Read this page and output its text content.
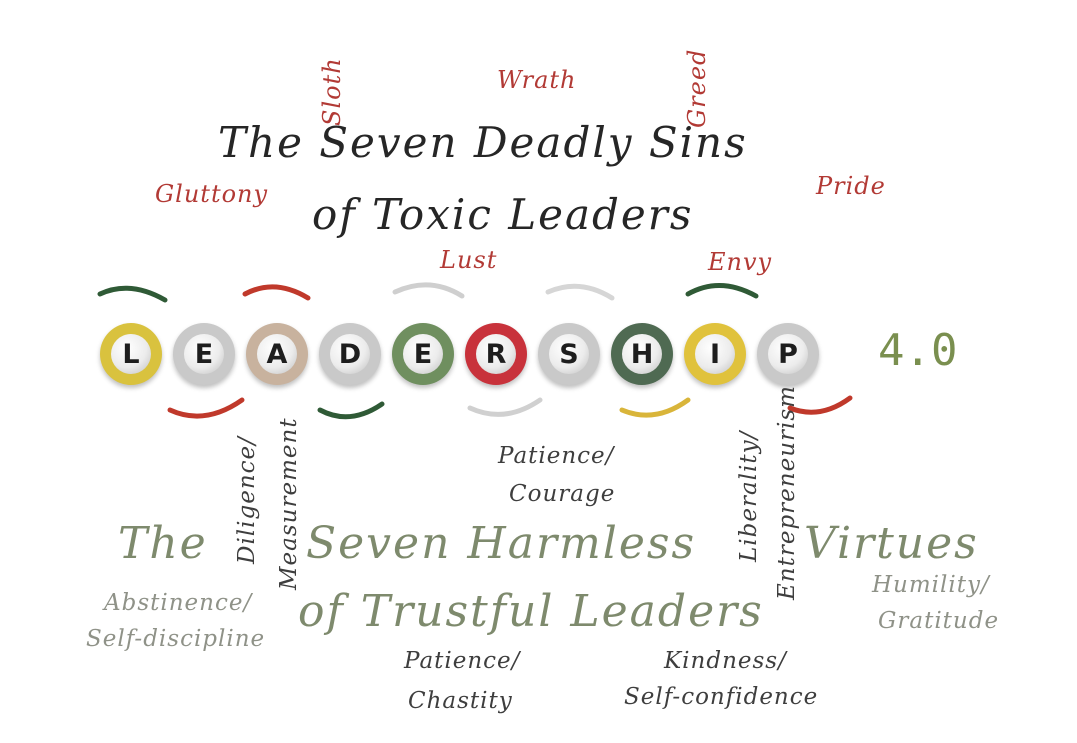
Sloth	Wrath	Greed
The Seven Deadly Sins
Gluttony	Pride
of Toxic Leaders
Lust	Envy
L	E	A	D	E	R	S	H	I	P 4.0
Diligence/ Measurement	Patience/
Courage	Liberality/ Entrepreneurism
The Seven Harmless Virtues
Humility/
Gratitude
Abstinence/
Self-discipline
of Trustful Leaders
Patience/
Chastity
Kindness/
Self-confidence
